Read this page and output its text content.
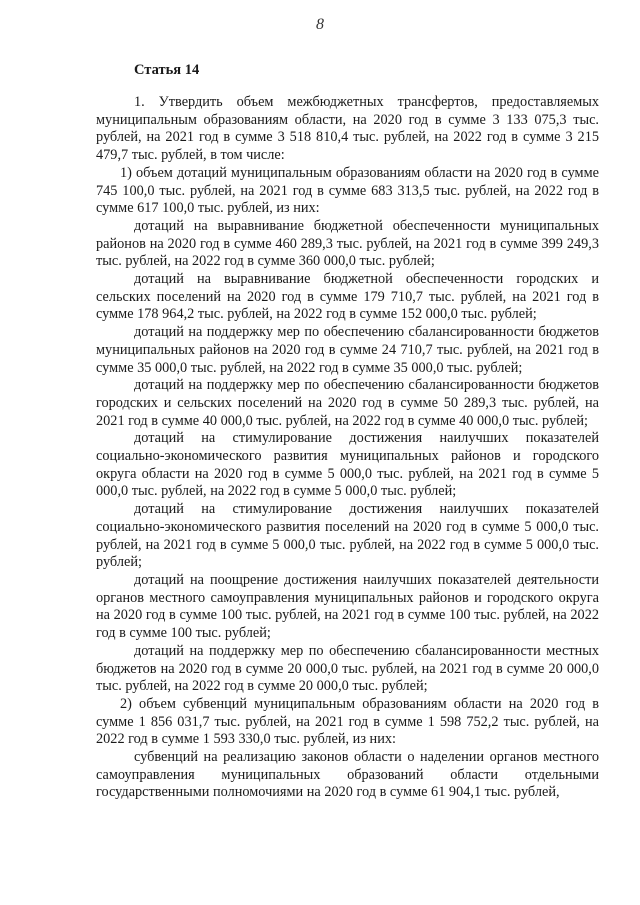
8
Статья 14

1. Утвердить объем межбюджетных трансфертов, предоставляемых муниципальным образованиям области, на 2020 год в сумме 3 133 075,3 тыс. рублей, на 2021 год в сумме 3 518 810,4 тыс. рублей, на 2022 год в сумме 3 215 479,7 тыс. рублей, в том числе:

1) объем дотаций муниципальным образованиям области на 2020 год в сумме 745 100,0 тыс. рублей, на 2021 год в сумме 683 313,5 тыс. рублей, на 2022 год в сумме 617 100,0 тыс. рублей, из них:

дотаций на выравнивание бюджетной обеспеченности муниципальных районов на 2020 год в сумме 460 289,3 тыс. рублей, на 2021 год в сумме 399 249,3 тыс. рублей, на 2022 год в сумме 360 000,0 тыс. рублей;

дотаций на выравнивание бюджетной обеспеченности городских и сельских поселений на 2020 год в сумме 179 710,7 тыс. рублей, на 2021 год в сумме 178 964,2 тыс. рублей, на 2022 год в сумме 152 000,0 тыс. рублей;

дотаций на поддержку мер по обеспечению сбалансированности бюджетов муниципальных районов на 2020 год в сумме 24 710,7 тыс. рублей, на 2021 год в сумме 35 000,0 тыс. рублей, на 2022 год в сумме 35 000,0 тыс. рублей;

дотаций на поддержку мер по обеспечению сбалансированности бюджетов городских и сельских поселений на 2020 год в сумме 50 289,3 тыс. рублей, на 2021 год в сумме 40 000,0 тыс. рублей, на 2022 год в сумме 40 000,0 тыс. рублей;

дотаций на стимулирование достижения наилучших показателей социально-экономического развития муниципальных районов и городского округа области на 2020 год в сумме 5 000,0 тыс. рублей, на 2021 год в сумме 5 000,0 тыс. рублей, на 2022 год в сумме 5 000,0 тыс. рублей;

дотаций на стимулирование достижения наилучших показателей социально-экономического развития поселений на 2020 год в сумме 5 000,0 тыс. рублей, на 2021 год в сумме 5 000,0 тыс. рублей, на 2022 год в сумме 5 000,0 тыс. рублей;

дотаций на поощрение достижения наилучших показателей деятельности органов местного самоуправления муниципальных районов и городского округа на 2020 год в сумме 100 тыс. рублей, на 2021 год в сумме 100 тыс. рублей, на 2022 год в сумме 100 тыс. рублей;

дотаций на поддержку мер по обеспечению сбалансированности местных бюджетов на 2020 год в сумме 20 000,0 тыс. рублей, на 2021 год в сумме 20 000,0 тыс. рублей, на 2022 год в сумме 20 000,0 тыс. рублей;

2) объем субвенций муниципальным образованиям области на 2020 год в сумме 1 856 031,7 тыс. рублей, на 2021 год в сумме 1 598 752,2 тыс. рублей, на 2022 год в сумме 1 593 330,0 тыс. рублей, из них:

субвенций на реализацию законов области о наделении органов местного самоуправления муниципальных образований области отдельными государственными полномочиями на 2020 год в сумме 61 904,1 тыс. рублей,
